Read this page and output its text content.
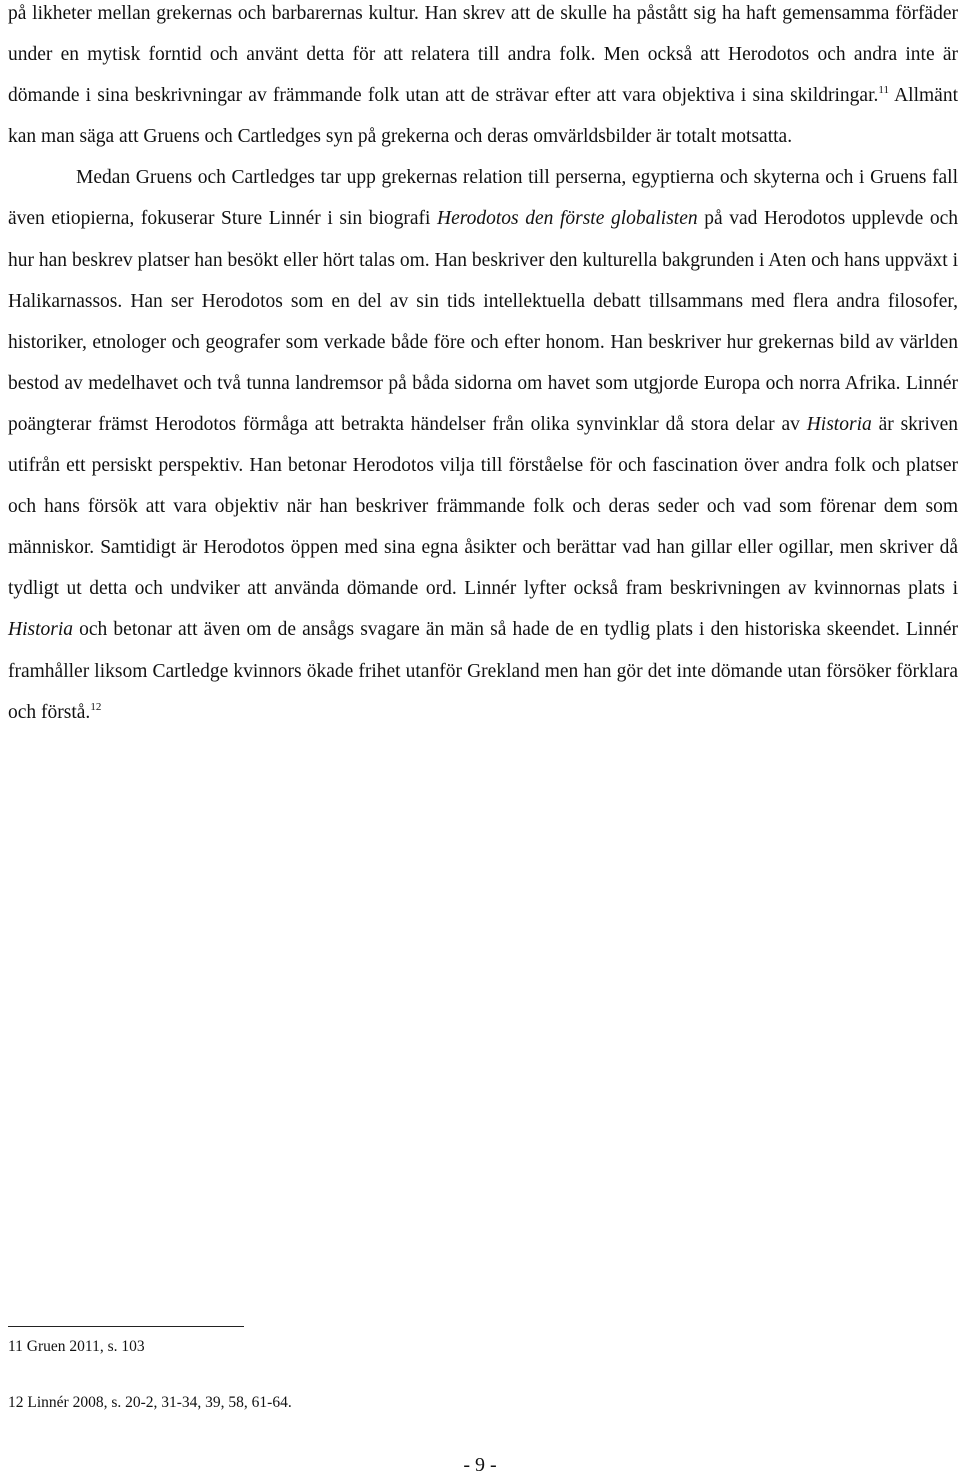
på likheter mellan grekernas och barbarernas kultur. Han skrev att de skulle ha påstått sig ha haft gemensamma förfäder under en mytisk forntid och använt detta för att relatera till andra folk. Men också att Herodotos och andra inte är dömande i sina beskrivningar av främmande folk utan att de strävar efter att vara objektiva i sina skildringar.$^{11}$ Allmänt kan man säga att Gruens och Cartledges syn på grekerna och deras omvärldsbilder är totalt motsatta.

Medan Gruens och Cartledges tar upp grekernas relation till perserna, egyptierna och skyterna och i Gruens fall även etiopierna, fokuserar Sture Linnér i sin biografi Herodotos den förste globalisten på vad Herodotos upplevde och hur han beskrev platser han besökt eller hört talas om. Han beskriver den kulturella bakgrunden i Aten och hans uppväxt i Halikarnassos. Han ser Herodotos som en del av sin tids intellektuella debatt tillsammans med flera andra filosofer, historiker, etnologer och geografer som verkade både före och efter honom. Han beskriver hur grekernas bild av världen bestod av medelhavet och två tunna landremsor på båda sidorna om havet som utgjorde Europa och norra Afrika. Linnér poängterar främst Herodotos förmåga att betrakta händelser från olika synvinklar då stora delar av Historia är skriven utifrån ett persiskt perspektiv. Han betonar Herodotos vilja till förståelse för och fascination över andra folk och platser och hans försök att vara objektiv när han beskriver främmande folk och deras seder och vad som förenar dem som människor. Samtidigt är Herodotos öppen med sina egna åsikter och berättar vad han gillar eller ogillar, men skriver då tydligt ut detta och undviker att använda dömande ord. Linnér lyfter också fram beskrivningen av kvinnornas plats i Historia och betonar att även om de ansågs svagare än män så hade de en tydlig plats i den historiska skeendet. Linnér framhåller liksom Cartledge kvinnors ökade frihet utanför Grekland men han gör det inte dömande utan försöker förklara och förstå.$^{12}$

11 Gruen 2011, s. 103

12 Linnér 2008, s. 20-2, 31-34, 39, 58, 61-64.

- 9 -
